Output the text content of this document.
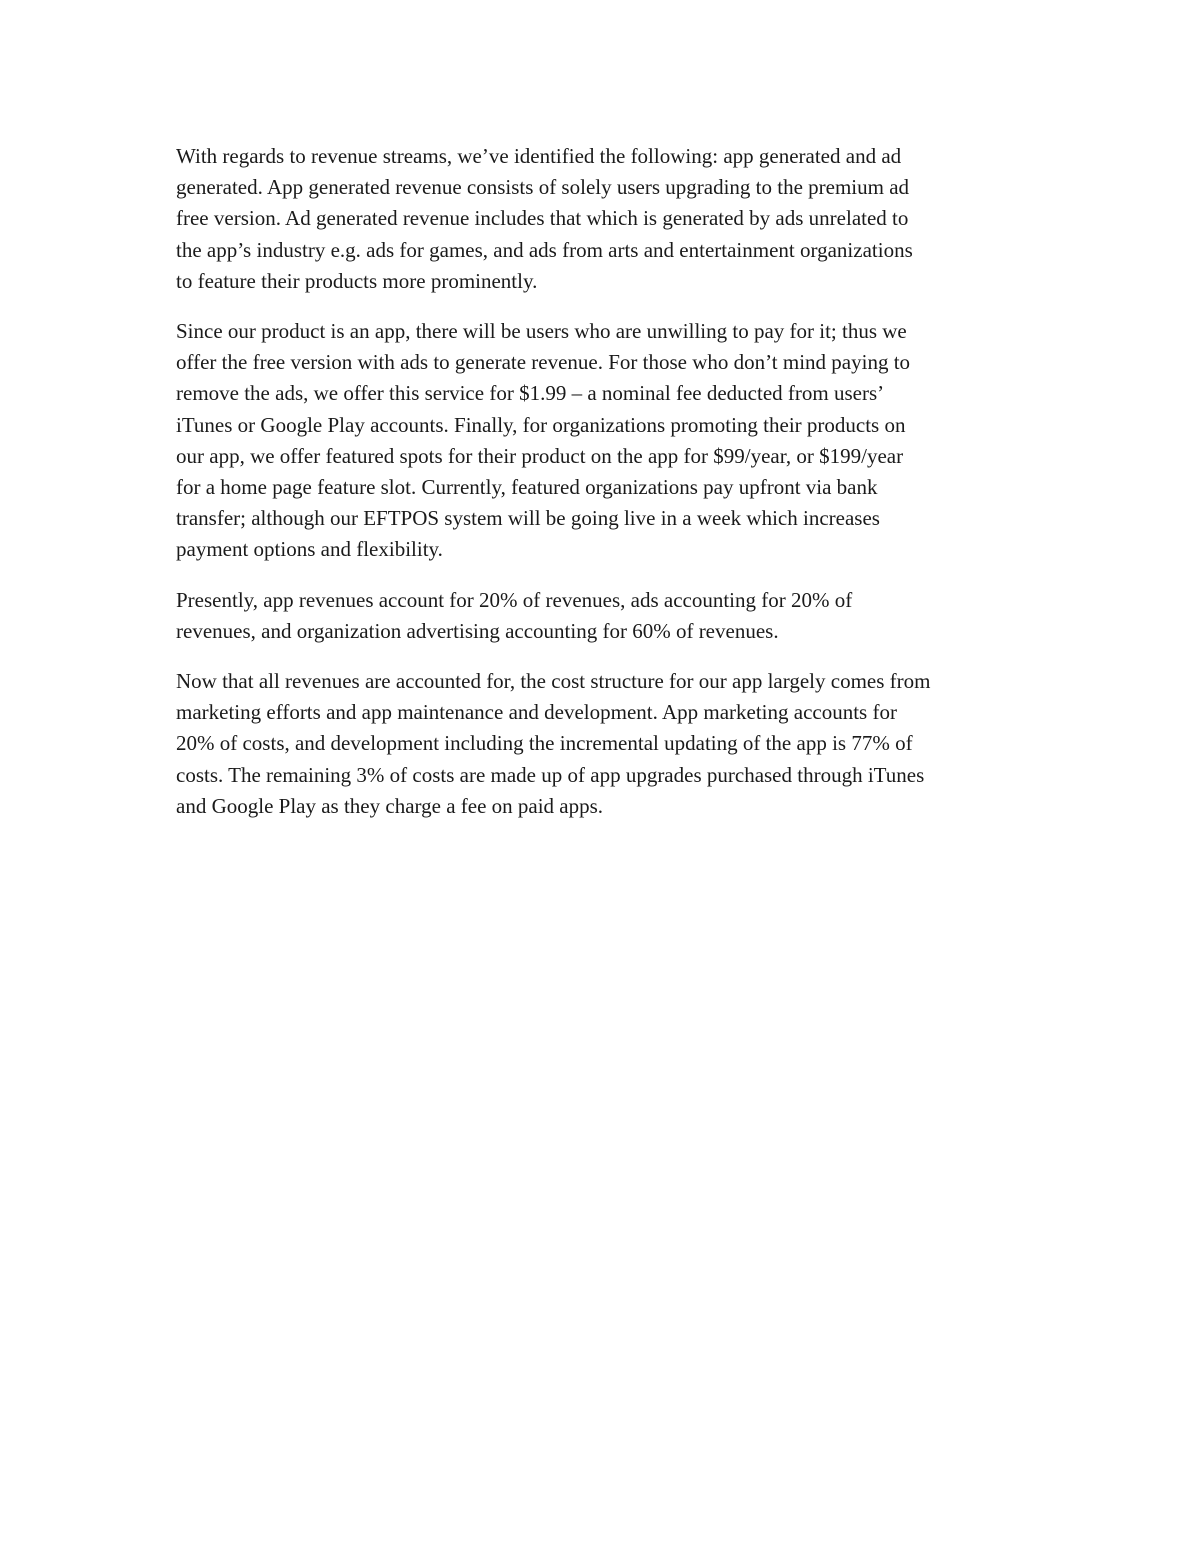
With regards to revenue streams, we’ve identified the following: app generated and ad
generated. App generated revenue consists of solely users upgrading to the premium ad
free version. Ad generated revenue includes that which is generated by ads unrelated to
the app’s industry e.g. ads for games, and ads from arts and entertainment organizations
to feature their products more prominently.

Since our product is an app, there will be users who are unwilling to pay for it; thus we
offer the free version with ads to generate revenue. For those who don’t mind paying to
remove the ads, we offer this service for $1.99 – a nominal fee deducted from users’
iTunes or Google Play accounts. Finally, for organizations promoting their products on
our app, we offer featured spots for their product on the app for $99/year, or $199/year
for a home page feature slot. Currently, featured organizations pay upfront via bank
transfer; although our EFTPOS system will be going live in a week which increases
payment options and flexibility.

Presently, app revenues account for 20% of revenues, ads accounting for 20% of
revenues, and organization advertising accounting for 60% of revenues.

Now that all revenues are accounted for, the cost structure for our app largely comes from
marketing efforts and app maintenance and development. App marketing accounts for
20% of costs, and development including the incremental updating of the app is 77% of
costs. The remaining 3% of costs are made up of app upgrades purchased through iTunes
and Google Play as they charge a fee on paid apps.
